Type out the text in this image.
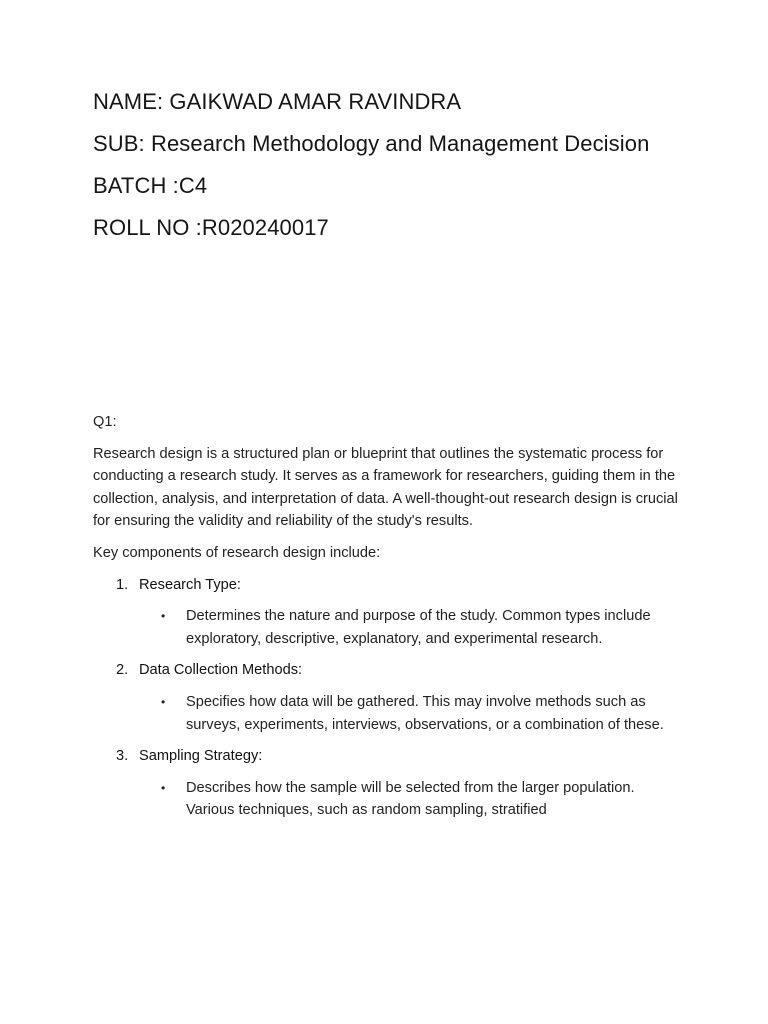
NAME: GAIKWAD AMAR RAVINDRA
SUB: Research Methodology and Management Decision
BATCH :C4
ROLL NO :R020240017
Q1:
Research design is a structured plan or blueprint that outlines the systematic process for conducting a research study. It serves as a framework for researchers, guiding them in the collection, analysis, and interpretation of data. A well-thought-out research design is crucial for ensuring the validity and reliability of the study's results.
Key components of research design include:
1. Research Type:
• Determines the nature and purpose of the study. Common types include exploratory, descriptive, explanatory, and experimental research.
2. Data Collection Methods:
• Specifies how data will be gathered. This may involve methods such as surveys, experiments, interviews, observations, or a combination of these.
3. Sampling Strategy:
• Describes how the sample will be selected from the larger population. Various techniques, such as random sampling, stratified
